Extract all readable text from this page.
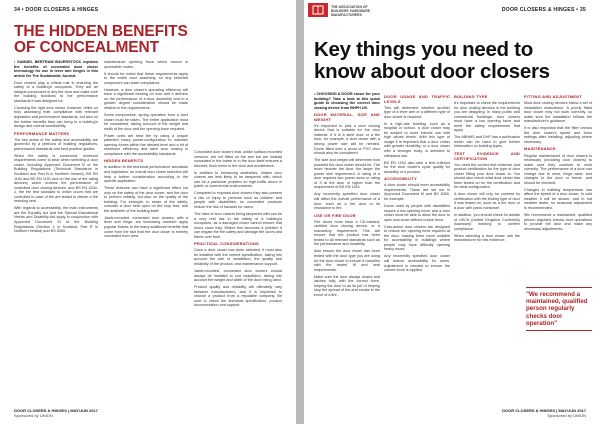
34 • DOOR CLOSERS & HINGES
THE HIDDEN BENEFITS
OF CONCEALMENT

• SAMUEL BERTRAM BAVERSTOCK explains the benefits of concealed door closer technology for use in lever arm hinges in this article for The Sustainable Journal.

Door closers play a critical role in ensuring the safety of a building's occupants. They are an integral component of any fire door and make sure the building functions to the performance standards it was designed for.

Choosing the right door closer, however, relies on truly assessing their compliance with relevant legislation and performance standards, but also on the further benefits they can bring to a building's design and overall accessibility.

PERFORMANCE MATTERS

The key areas of fire safety and accessibility are governed by a plethora of building regulations, performance standards and best practice guides.

When fire safety is concerned, minimum requirements come to bear when selecting a door closer, including Approved Document B of the Building Regulations (Technical Standards in Scotland and Part B in Northern Ireland), BS EN 1154 and BS EN 1191 and on the use of fire rating devices) which reviews the performance of controlled door closing devices, and BS EN 1634-1, the fire test standard to which doors that are controlled in case of fire are tested to deliver a fire resisting seal.

With regards to accessibility, the main instruments are the Equality Act and the Special Educational Needs and Disability Act apply in conjunction with Approved Document M of the Building Regulations (Section 4 in Scotland, Part R in Northern Ireland) and BS 8300.

maintenance opening force which occurs in accessible routes.

It should be noted that these requirements apply to the entire door assembly, so any selected component can claim compliance.

However, a door closer's operating efficiency will have a significant bearing on how well it delivers on the performance of a door assembly and to a greater degree consideration should be made relative to the requirements.

Some compromise, spring operation from a door closer must be taken. The entire application must be considered, taking account of the weight and width of the door and the opening force required.

Power units are best fire by using a unique patented rotary power-configuration to maintain opening forces within the desired level and a bit of maximum efficiency and latch door closing in compliance with the accessibility standards.

HIDDEN BENEFITS

In addition to the technical performance standards and legislation, an overall door closer selection will help a further consideration according to the specific application.

These features can have a significant effect not only on the safety of the door closer, and the door to perform reliably, but also on the quality of the building. For example, in areas of the safety, consider a door held open on fire loop test, and the aesthetic of the building itself.

Jamb-mounted, concealed door closers, with a lever arm hinge, are increasing however apply popular thanks to the many additional benefits that come from the fact that the door closer is entirely concealed from view.

Concealed door closers that, unlike surface-mounted versions, are not fitted on the arm but are instead concealed in the frame or in the door itself ensures a discreet, flush finish to the door and architecture.

In addition to enhancing aesthetics, hidden door closers are less likely to be tampered with, which can be a particular problem on high-traffic doors in public or commercial environments.

Compared to exposed door closers they also present a risk of injury to persons such as children and people with disabilities, so concealed products reduce the risk of hazards for users.

The risks of door closers being tampered with can be a very real risk in the safety of a building's occupants, as a damaged closer cannot ensure that doors close fully. Where this becomes a problem it can negate the fire safety and damage the doors and frame over time.

PRACTICAL CONSIDERATIONS

Once a door closer has been selected, it must also be installed with the correct specification, taking into account the size of installation, the quality and reliability of the product, and maintenance support.

Jamb-mounted, concealed door closers should always be installed to suit installation, taking into account the weight and width of the door being used.

Product quality and reliability will ultimately vary between manufacturers, and it is important to choose a product from a reputable company. Be sure to check the technical specification, product documentation and support.

DOOR CLOSERS & HINGES | MAY/JUN 2017
Sponsored by UNION
THE ASSOCIATION OF BUILDERS' HARDWARE MANUFACTURERS
DOOR CLOSERS & HINGES • 35
Key things you need to
know about door closers

• CHOOSING A DOOR closer for your building? Take a look at this quick guide to choosing the correct door closing device from BHPH UK.

DOOR MATERIAL, SIZE AND WEIGHT

It's important to pick a door closing device that is suitable for the door material. If it is a steel door or a fire door, for example, a door closer with a strong power size will be needed. Doors fitted onto a wood or PVC door should also be considered.

The size and weight will determine how powerful the door closer should be. The more heavier the door, the larger the power size requirement. A rating of a door requires two power sizes or rating of 3 at the door or higher than the requirement of BS EN 1154.

Any incorrectly specified door closer will affect the overall performance of a door, such as a fire door or its resistance to fire.

USE OR FIRE DOOR

Fire doors must have a CE-marked, certified door closing device, or a mandatory requirement. This will ensure that the product has been tested to all relevant standards such as fire performance and durability.

Also ensure the door closer has been tested with the door type you are using for the door closer to ensure it complies with the tested fit and seal requirements.

Make sure the door always closes and latches fully, with the correct force, helping the door to do its job of helping stop the spread of fire and smoke in the event of a fire.

DOOR USAGE AND TRAFFIC LEVELS

This will determine whether another type of a lever arm or a different type of door closer is required.

In a high-use building, such as a hospital or school, a door closer may be subject to more intense use with high abuse levels. With this type of usage it is important that a door closer with greater durability, or a door closer with a stronger body, is selected to withstand use.

BS EN 1154 also sets a test criterion for the door closer's cycle quality for durability of a product.

ACCESSIBILITY

A door closer should meet accessibility requirements. These are set out in Approved Document M and BS 8300, for example.

Doors used by people with disabilities require a low opening force, and a door closer must be able to allow the door to open and close without undue force.

Cam-action door closers are designed to reduce the opening force required at the door, making them more suitable for accessibility in buildings where people may have difficulty opening heavy doors.

Any incorrectly specified door closer will reduce accessibility for users. Adjustment is needed to ensure the correct force is applied.

BUILDING TYPE

It's important to check the requirements for door closing devices in the building you are designing. In many public and commercial buildings, door closers must have a low opening force and meet the safety requirements that apply.

The ABHMS and DHF has a publication which can be used to give further information on building types.

TEST EVIDENCE AND CERTIFICATION

You need the correct test evidence and product certification for the type of door closer fitting your door closer to. You should also check what door closer has been tested on for the certification and for what configuration.

A door closer will only be covered by certification with the testing type of door it was tested on, such as a fire door or a door with panic hardware.

In addition, you should check for details of UKCA (United Kingdom Conformity Assessed) marking to confirm compliance.

When selecting a door closer, ask the manufacturer for this evidence.

FITTING AND ADJUSTMENT

Most door closing devices follow a set of installation instructions. A poorly fitted door closer may not work correctly, so make sure the installation follows the manufacturer's guidance.

It is also important that the fitter checks the door closer's speed and force settings after installing, adjusting where necessary.

MAINTENANCE

Regular maintenance of door closers is necessary (including door closers) to make sure they continue to work correctly. The performance of a door can change due to wear, hinge wear, and changes in the door or frame, and should be checked.

Changes in building temperature can affect the speed of a door closer. In cold weather it will be slower, and in hot weather faster, so seasonal adjustment is recommended.

We recommend a maintained, qualified person regularly checks door operations to provide the door and make any necessary adjustments.

"We recommend a maintained, qualified person regularly checks door operation"
DOOR CLOSERS & HINGES | MAY/JUN 2017
Sponsored by UNION
